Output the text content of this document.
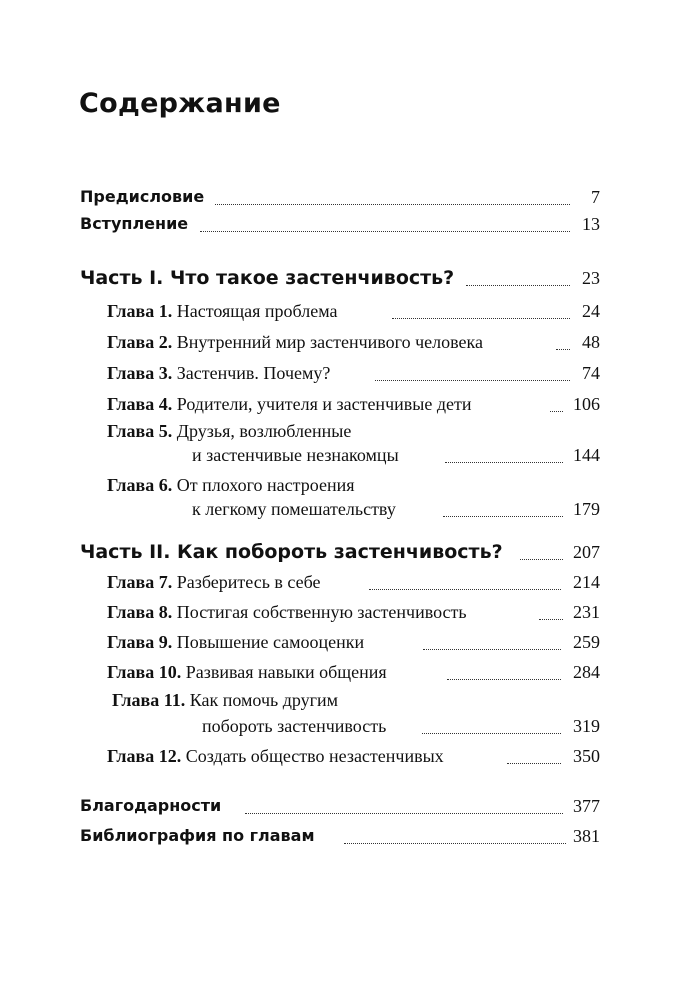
Содержание
Предисловие	7
Вступление	13
Часть I. Что такое застенчивость?	23
Глава 1. Настоящая проблема	24
Глава 2. Внутренний мир застенчивого человека	48
Глава 3. Застенчив. Почему?	74
Глава 4. Родители, учителя и застенчивые дети	106
Глава 5. Друзья, возлюбленные
и застенчивые незнакомцы	144
Глава 6. От плохого настроения
к легкому помешательству	179
Часть II. Как побороть застенчивость?	207
Глава 7. Разберитесь в себе	214
Глава 8. Постигая собственную застенчивость	231
Глава 9. Повышение самооценки	259
Глава 10. Развивая навыки общения	284
Глава 11. Как помочь другим
побороть застенчивость	319
Глава 12. Создать общество незастенчивых	350
Благодарности	377
Библиография по главам	381
